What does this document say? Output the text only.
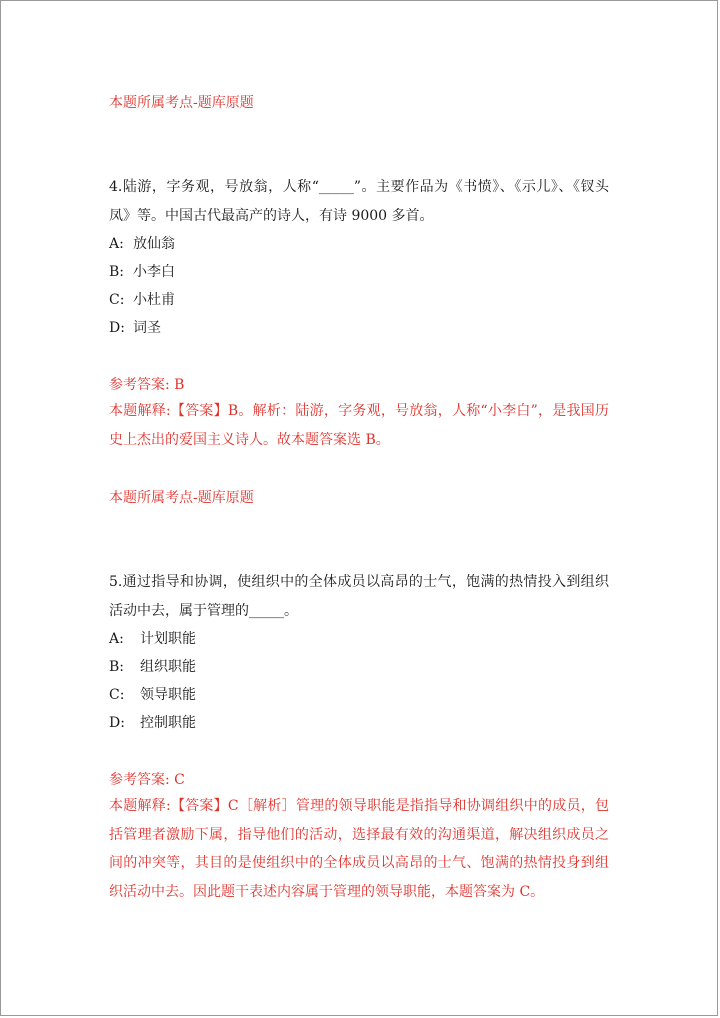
本题所属考点-题库原题
4.陆游，字务观，号放翁，人称“_____”。主要作品为《书愤》、《示儿》、《钗头凤》等。中国古代最高产的诗人，有诗 9000 多首。
A: 放仙翁
B: 小李白
C: 小杜甫
D: 词圣
参考答案: B
本题解释:【答案】B。解析：陆游，字务观，号放翁，人称“小李白”，是我国历史上杰出的爱国主义诗人。故本题答案选 B。
本题所属考点-题库原题
5.通过指导和协调，使组织中的全体成员以高昂的士气，饱满的热情投入到组织活动中去，属于管理的_____。
A: 计划职能
B: 组织职能
C: 领导职能
D: 控制职能
参考答案: C
本题解释:【答案】C［解析］管理的领导职能是指指导和协调组织中的成员，包括管理者激励下属，指导他们的活动，选择最有效的沟通渠道，解决组织成员之间的冲突等，其目的是使组织中的全体成员以高昂的士气、饱满的热情投身到组织活动中去。因此题干表述内容属于管理的领导职能，本题答案为 C。
